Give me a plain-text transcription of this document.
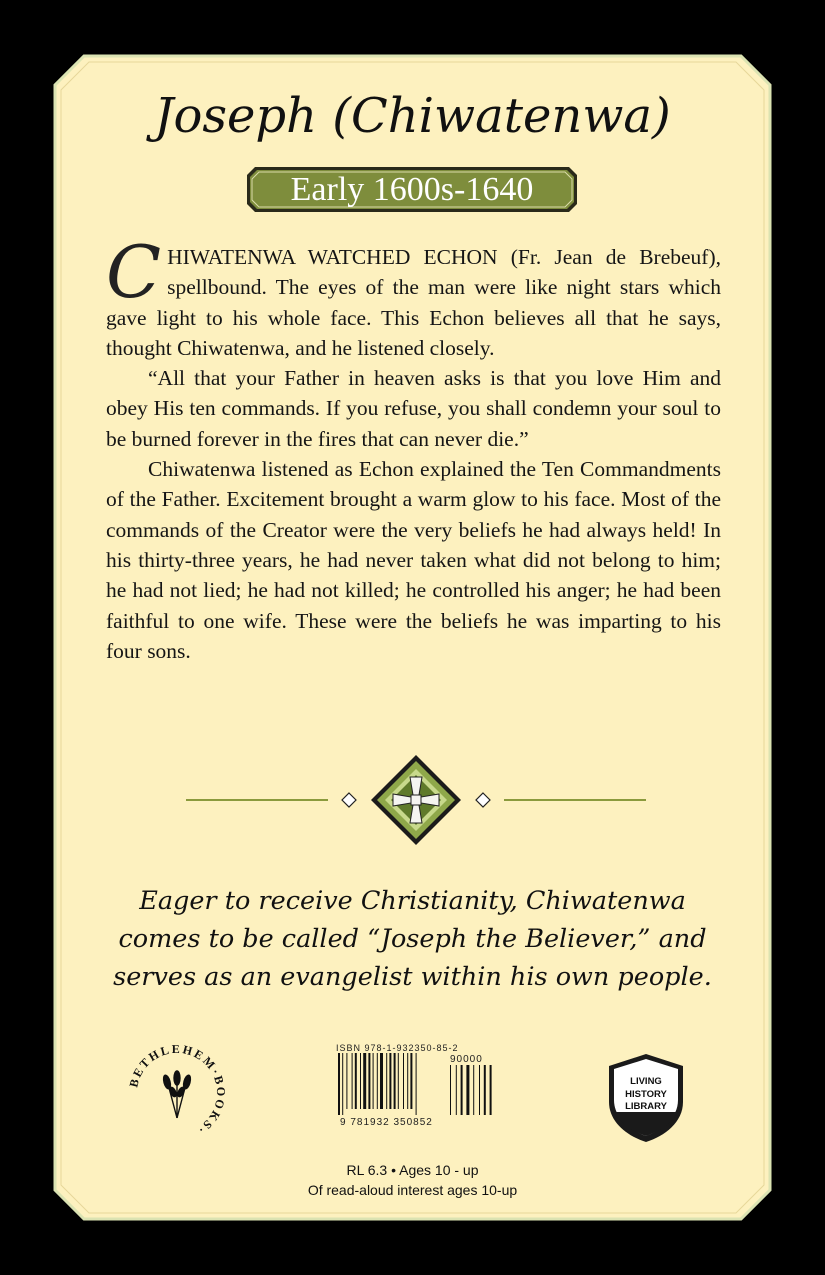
Joseph (Chiwatenwa)
Early 1600s-1640

CHIWATENWA WATCHED ECHON (Fr. Jean de Brebeuf), spellbound. The eyes of the man were like night stars which gave light to his whole face. This Echon believes all that he says, thought Chiwatenwa, and he listened closely.

“All that your Father in heaven asks is that you love Him and obey His ten commands. If you refuse, you shall condemn your soul to be burned forever in the fires that can never die.”

Chiwatenwa listened as Echon explained the Ten Commandments of the Father. Excitement brought a warm glow to his face. Most of the commands of the Creator were the very beliefs he had always held! In his thirty-three years, he had never taken what did not belong to him; he had not lied; he had not killed; he controlled his anger; he had been faithful to one wife. These were the beliefs he was imparting to his four sons.

Eager to receive Christianity, Chiwatenwa
comes to be called “Joseph the Believer,” and
serves as an evangelist within his own people.
BETHLEHEM·BOOKS·
ISBN 978-1-932350-85-2
90000
9 781932 350852
LIVING
HISTORY
LIBRARY
RL 6.3 • Ages 10 - up
Of read-aloud interest ages 10-up
